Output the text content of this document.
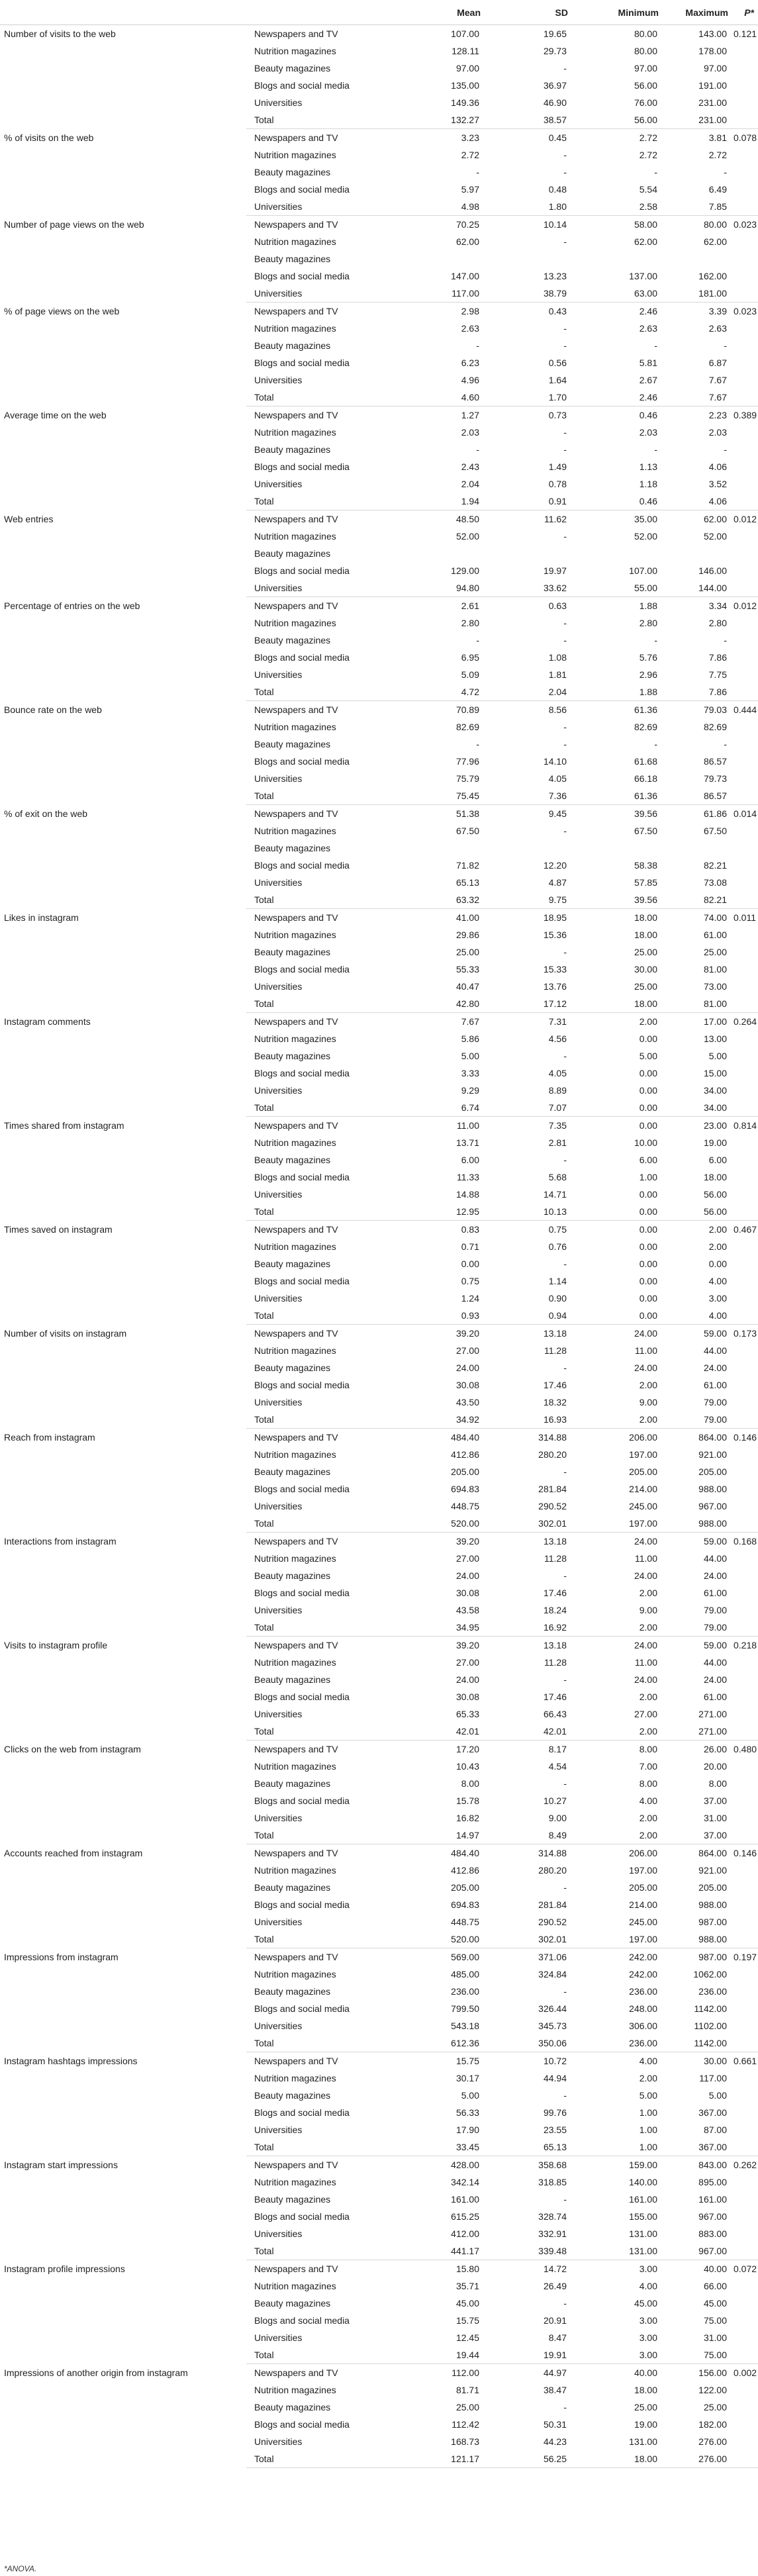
		Mean	SD	Minimum	Maximum	P*
Number of visits to the web	Newspapers and TV	107.00	19.65	80.00	143.00	0.121
	Nutrition magazines	128.11	29.73	80.00	178.00	
	Beauty magazines	97.00	-	97.00	97.00	
	Blogs and social media	135.00	36.97	56.00	191.00	
	Universities	149.36	46.90	76.00	231.00	
	Total	132.27	38.57	56.00	231.00	
% of visits on the web	Newspapers and TV	3.23	0.45	2.72	3.81	0.078
	Nutrition magazines	2.72	-	2.72	2.72	
	Beauty magazines	-	-	-	-	
	Blogs and social media	5.97	0.48	5.54	6.49	
	Universities	4.98	1.80	2.58	7.85	
Number of page views on the web	Newspapers and TV	70.25	10.14	58.00	80.00	0.023
	Nutrition magazines	62.00	-	62.00	62.00	
	Beauty magazines					
	Blogs and social media	147.00	13.23	137.00	162.00	
	Universities	117.00	38.79	63.00	181.00	
% of page views on the web	Newspapers and TV	2.98	0.43	2.46	3.39	0.023
	Nutrition magazines	2.63	-	2.63	2.63	
	Beauty magazines	-	-	-	-	
	Blogs and social media	6.23	0.56	5.81	6.87	
	Universities	4.96	1.64	2.67	7.67	
	Total	4.60	1.70	2.46	7.67	
Average time on the web	Newspapers and TV	1.27	0.73	0.46	2.23	0.389
	Nutrition magazines	2.03	-	2.03	2.03	
	Beauty magazines	-	-	-	-	
	Blogs and social media	2.43	1.49	1.13	4.06	
	Universities	2.04	0.78	1.18	3.52	
	Total	1.94	0.91	0.46	4.06	
Web entries	Newspapers and TV	48.50	11.62	35.00	62.00	0.012
	Nutrition magazines	52.00	-	52.00	52.00	
	Beauty magazines					
	Blogs and social media	129.00	19.97	107.00	146.00	
	Universities	94.80	33.62	55.00	144.00	
Percentage of entries on the web	Newspapers and TV	2.61	0.63	1.88	3.34	0.012
	Nutrition magazines	2.80	-	2.80	2.80	
	Beauty magazines	-	-	-	-	
	Blogs and social media	6.95	1.08	5.76	7.86	
	Universities	5.09	1.81	2.96	7.75	
	Total	4.72	2.04	1.88	7.86	
Bounce rate on the web	Newspapers and TV	70.89	8.56	61.36	79.03	0.444
	Nutrition magazines	82.69	-	82.69	82.69	
	Beauty magazines	-	-	-	-	
	Blogs and social media	77.96	14.10	61.68	86.57	
	Universities	75.79	4.05	66.18	79.73	
	Total	75.45	7.36	61.36	86.57	
% of exit on the web	Newspapers and TV	51.38	9.45	39.56	61.86	0.014
	Nutrition magazines	67.50	-	67.50	67.50	
	Beauty magazines					
	Blogs and social media	71.82	12.20	58.38	82.21	
	Universities	65.13	4.87	57.85	73.08	
	Total	63.32	9.75	39.56	82.21	
Likes in instagram	Newspapers and TV	41.00	18.95	18.00	74.00	0.011
	Nutrition magazines	29.86	15.36	18.00	61.00	
	Beauty magazines	25.00	-	25.00	25.00	
	Blogs and social media	55.33	15.33	30.00	81.00	
	Universities	40.47	13.76	25.00	73.00	
	Total	42.80	17.12	18.00	81.00	
Instagram comments	Newspapers and TV	7.67	7.31	2.00	17.00	0.264
	Nutrition magazines	5.86	4.56	0.00	13.00	
	Beauty magazines	5.00	-	5.00	5.00	
	Blogs and social media	3.33	4.05	0.00	15.00	
	Universities	9.29	8.89	0.00	34.00	
	Total	6.74	7.07	0.00	34.00	
Times shared from instagram	Newspapers and TV	11.00	7.35	0.00	23.00	0.814
	Nutrition magazines	13.71	2.81	10.00	19.00	
	Beauty magazines	6.00	-	6.00	6.00	
	Blogs and social media	11.33	5.68	1.00	18.00	
	Universities	14.88	14.71	0.00	56.00	
	Total	12.95	10.13	0.00	56.00	
Times saved on instagram	Newspapers and TV	0.83	0.75	0.00	2.00	0.467
	Nutrition magazines	0.71	0.76	0.00	2.00	
	Beauty magazines	0.00	-	0.00	0.00	
	Blogs and social media	0.75	1.14	0.00	4.00	
	Universities	1.24	0.90	0.00	3.00	
	Total	0.93	0.94	0.00	4.00	
Number of visits on instagram	Newspapers and TV	39.20	13.18	24.00	59.00	0.173
	Nutrition magazines	27.00	11.28	11.00	44.00	
	Beauty magazines	24.00	-	24.00	24.00	
	Blogs and social media	30.08	17.46	2.00	61.00	
	Universities	43.50	18.32	9.00	79.00	
	Total	34.92	16.93	2.00	79.00	
Reach from instagram	Newspapers and TV	484.40	314.88	206.00	864.00	0.146
	Nutrition magazines	412.86	280.20	197.00	921.00	
	Beauty magazines	205.00	-	205.00	205.00	
	Blogs and social media	694.83	281.84	214.00	988.00	
	Universities	448.75	290.52	245.00	967.00	
	Total	520.00	302.01	197.00	988.00	
Interactions from instagram	Newspapers and TV	39.20	13.18	24.00	59.00	0.168
	Nutrition magazines	27.00	11.28	11.00	44.00	
	Beauty magazines	24.00	-	24.00	24.00	
	Blogs and social media	30.08	17.46	2.00	61.00	
	Universities	43.58	18.24	9.00	79.00	
	Total	34.95	16.92	2.00	79.00	
Visits to instagram profile	Newspapers and TV	39.20	13.18	24.00	59.00	0.218
	Nutrition magazines	27.00	11.28	11.00	44.00	
	Beauty magazines	24.00	-	24.00	24.00	
	Blogs and social media	30.08	17.46	2.00	61.00	
	Universities	65.33	66.43	27.00	271.00	
	Total	42.01	42.01	2.00	271.00	
Clicks on the web from instagram	Newspapers and TV	17.20	8.17	8.00	26.00	0.480
	Nutrition magazines	10.43	4.54	7.00	20.00	
	Beauty magazines	8.00	-	8.00	8.00	
	Blogs and social media	15.78	10.27	4.00	37.00	
	Universities	16.82	9.00	2.00	31.00	
	Total	14.97	8.49	2.00	37.00	
Accounts reached from instagram	Newspapers and TV	484.40	314.88	206.00	864.00	0.146
	Nutrition magazines	412.86	280.20	197.00	921.00	
	Beauty magazines	205.00	-	205.00	205.00	
	Blogs and social media	694.83	281.84	214.00	988.00	
	Universities	448.75	290.52	245.00	987.00	
	Total	520.00	302.01	197.00	988.00	
Impressions from instagram	Newspapers and TV	569.00	371.06	242.00	987.00	0.197
	Nutrition magazines	485.00	324.84	242.00	1062.00	
	Beauty magazines	236.00	-	236.00	236.00	
	Blogs and social media	799.50	326.44	248.00	1142.00	
	Universities	543.18	345.73	306.00	1102.00	
	Total	612.36	350.06	236.00	1142.00	
Instagram hashtags impressions	Newspapers and TV	15.75	10.72	4.00	30.00	0.661
	Nutrition magazines	30.17	44.94	2.00	117.00	
	Beauty magazines	5.00	-	5.00	5.00	
	Blogs and social media	56.33	99.76	1.00	367.00	
	Universities	17.90	23.55	1.00	87.00	
	Total	33.45	65.13	1.00	367.00	
Instagram start impressions	Newspapers and TV	428.00	358.68	159.00	843.00	0.262
	Nutrition magazines	342.14	318.85	140.00	895.00	
	Beauty magazines	161.00	-	161.00	161.00	
	Blogs and social media	615.25	328.74	155.00	967.00	
	Universities	412.00	332.91	131.00	883.00	
	Total	441.17	339.48	131.00	967.00	
Instagram profile impressions	Newspapers and TV	15.80	14.72	3.00	40.00	0.072
	Nutrition magazines	35.71	26.49	4.00	66.00	
	Beauty magazines	45.00	-	45.00	45.00	
	Blogs and social media	15.75	20.91	3.00	75.00	
	Universities	12.45	8.47	3.00	31.00	
	Total	19.44	19.91	3.00	75.00	
Impressions of another origin from instagram	Newspapers and TV	112.00	44.97	40.00	156.00	0.002
	Nutrition magazines	81.71	38.47	18.00	122.00	
	Beauty magazines	25.00	-	25.00	25.00	
	Blogs and social media	112.42	50.31	19.00	182.00	
	Universities	168.73	44.23	131.00	276.00	
	Total	121.17	56.25	18.00	276.00	
*ANOVA.
